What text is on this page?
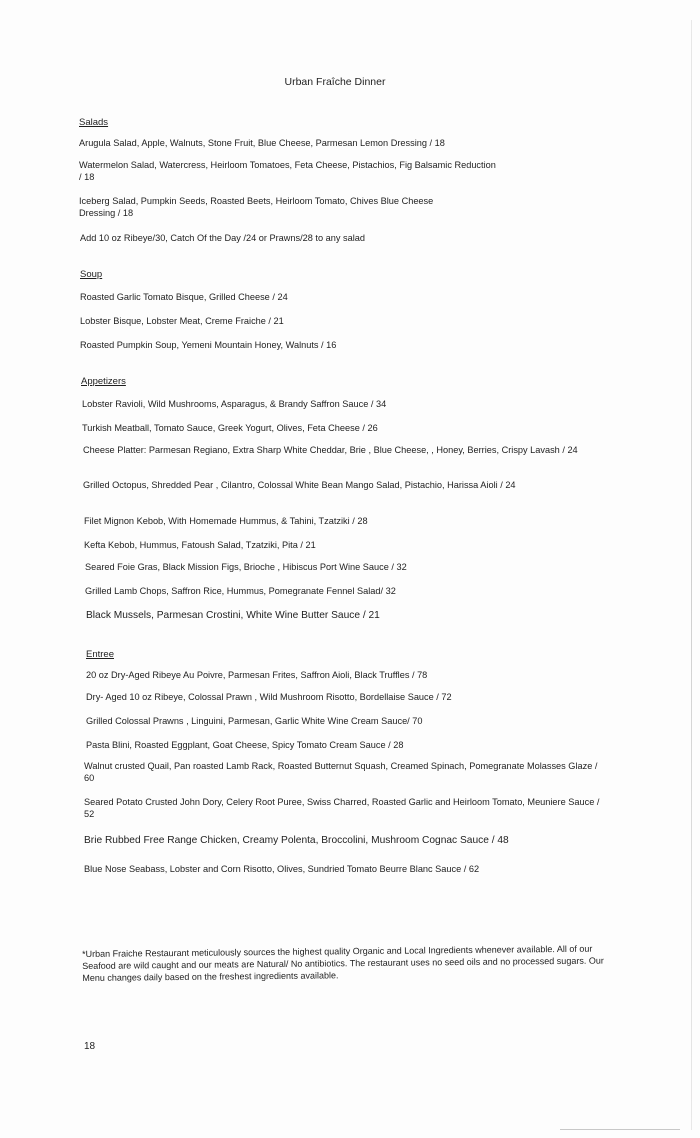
Urban Fraîche Dinner
Salads
Arugula Salad, Apple, Walnuts, Stone Fruit, Blue Cheese, Parmesan Lemon Dressing / 18
Watermelon Salad, Watercress, Heirloom Tomatoes, Feta Cheese, Pistachios, Fig Balsamic Reduction / 18
Iceberg Salad, Pumpkin Seeds, Roasted Beets, Heirloom Tomato, Chives Blue Cheese Dressing / 18
Add 10 oz Ribeye/30, Catch Of the Day /24 or Prawns/28 to any salad
Soup
Roasted Garlic Tomato Bisque, Grilled Cheese / 24
Lobster Bisque, Lobster Meat, Creme Fraiche / 21
Roasted Pumpkin Soup, Yemeni Mountain Honey, Walnuts / 16
Appetizers
Lobster Ravioli, Wild Mushrooms, Asparagus, & Brandy Saffron Sauce / 34
Turkish Meatball, Tomato Sauce, Greek Yogurt, Olives, Feta Cheese / 26
Cheese Platter: Parmesan Regiano, Extra Sharp White Cheddar, Brie , Blue Cheese, , Honey, Berries, Crispy Lavash / 24
Grilled Octopus, Shredded Pear , Cilantro, Colossal White Bean Mango Salad, Pistachio, Harissa Aioli / 24
Filet Mignon Kebob, With Homemade Hummus, & Tahini, Tzatziki / 28
Kefta Kebob, Hummus, Fatoush Salad, Tzatziki, Pita / 21
Seared Foie Gras, Black Mission Figs, Brioche , Hibiscus Port Wine Sauce / 32
Grilled Lamb Chops, Saffron Rice, Hummus, Pomegranate Fennel Salad/ 32
Black Mussels, Parmesan Crostini, White Wine Butter Sauce / 21
Entree
20 oz Dry-Aged Ribeye Au Poivre, Parmesan Frites, Saffron Aioli, Black Truffles / 78
Dry- Aged 10 oz Ribeye, Colossal Prawn , Wild Mushroom Risotto, Bordellaise Sauce / 72
Grilled Colossal Prawns , Linguini, Parmesan, Garlic White Wine Cream Sauce/ 70
Pasta Blini, Roasted Eggplant, Goat Cheese, Spicy Tomato Cream Sauce / 28
Walnut crusted Quail, Pan roasted Lamb Rack, Roasted Butternut Squash, Creamed Spinach, Pomegranate Molasses Glaze / 60
Seared Potato Crusted John Dory, Celery Root Puree, Swiss Charred, Roasted Garlic and Heirloom Tomato, Meuniere Sauce / 52
Brie Rubbed Free Range Chicken, Creamy Polenta, Broccolini, Mushroom Cognac Sauce / 48
Blue Nose Seabass, Lobster and Corn Risotto, Olives, Sundried Tomato Beurre Blanc Sauce / 62
*Urban Fraiche Restaurant meticulously sources the highest quality Organic and Local Ingredients whenever available. All of our Seafood are wild caught and our meats are Natural/ No antibiotics. The restaurant uses no seed oils and no processed sugars. Our Menu changes daily based on the freshest ingredients available.
18
